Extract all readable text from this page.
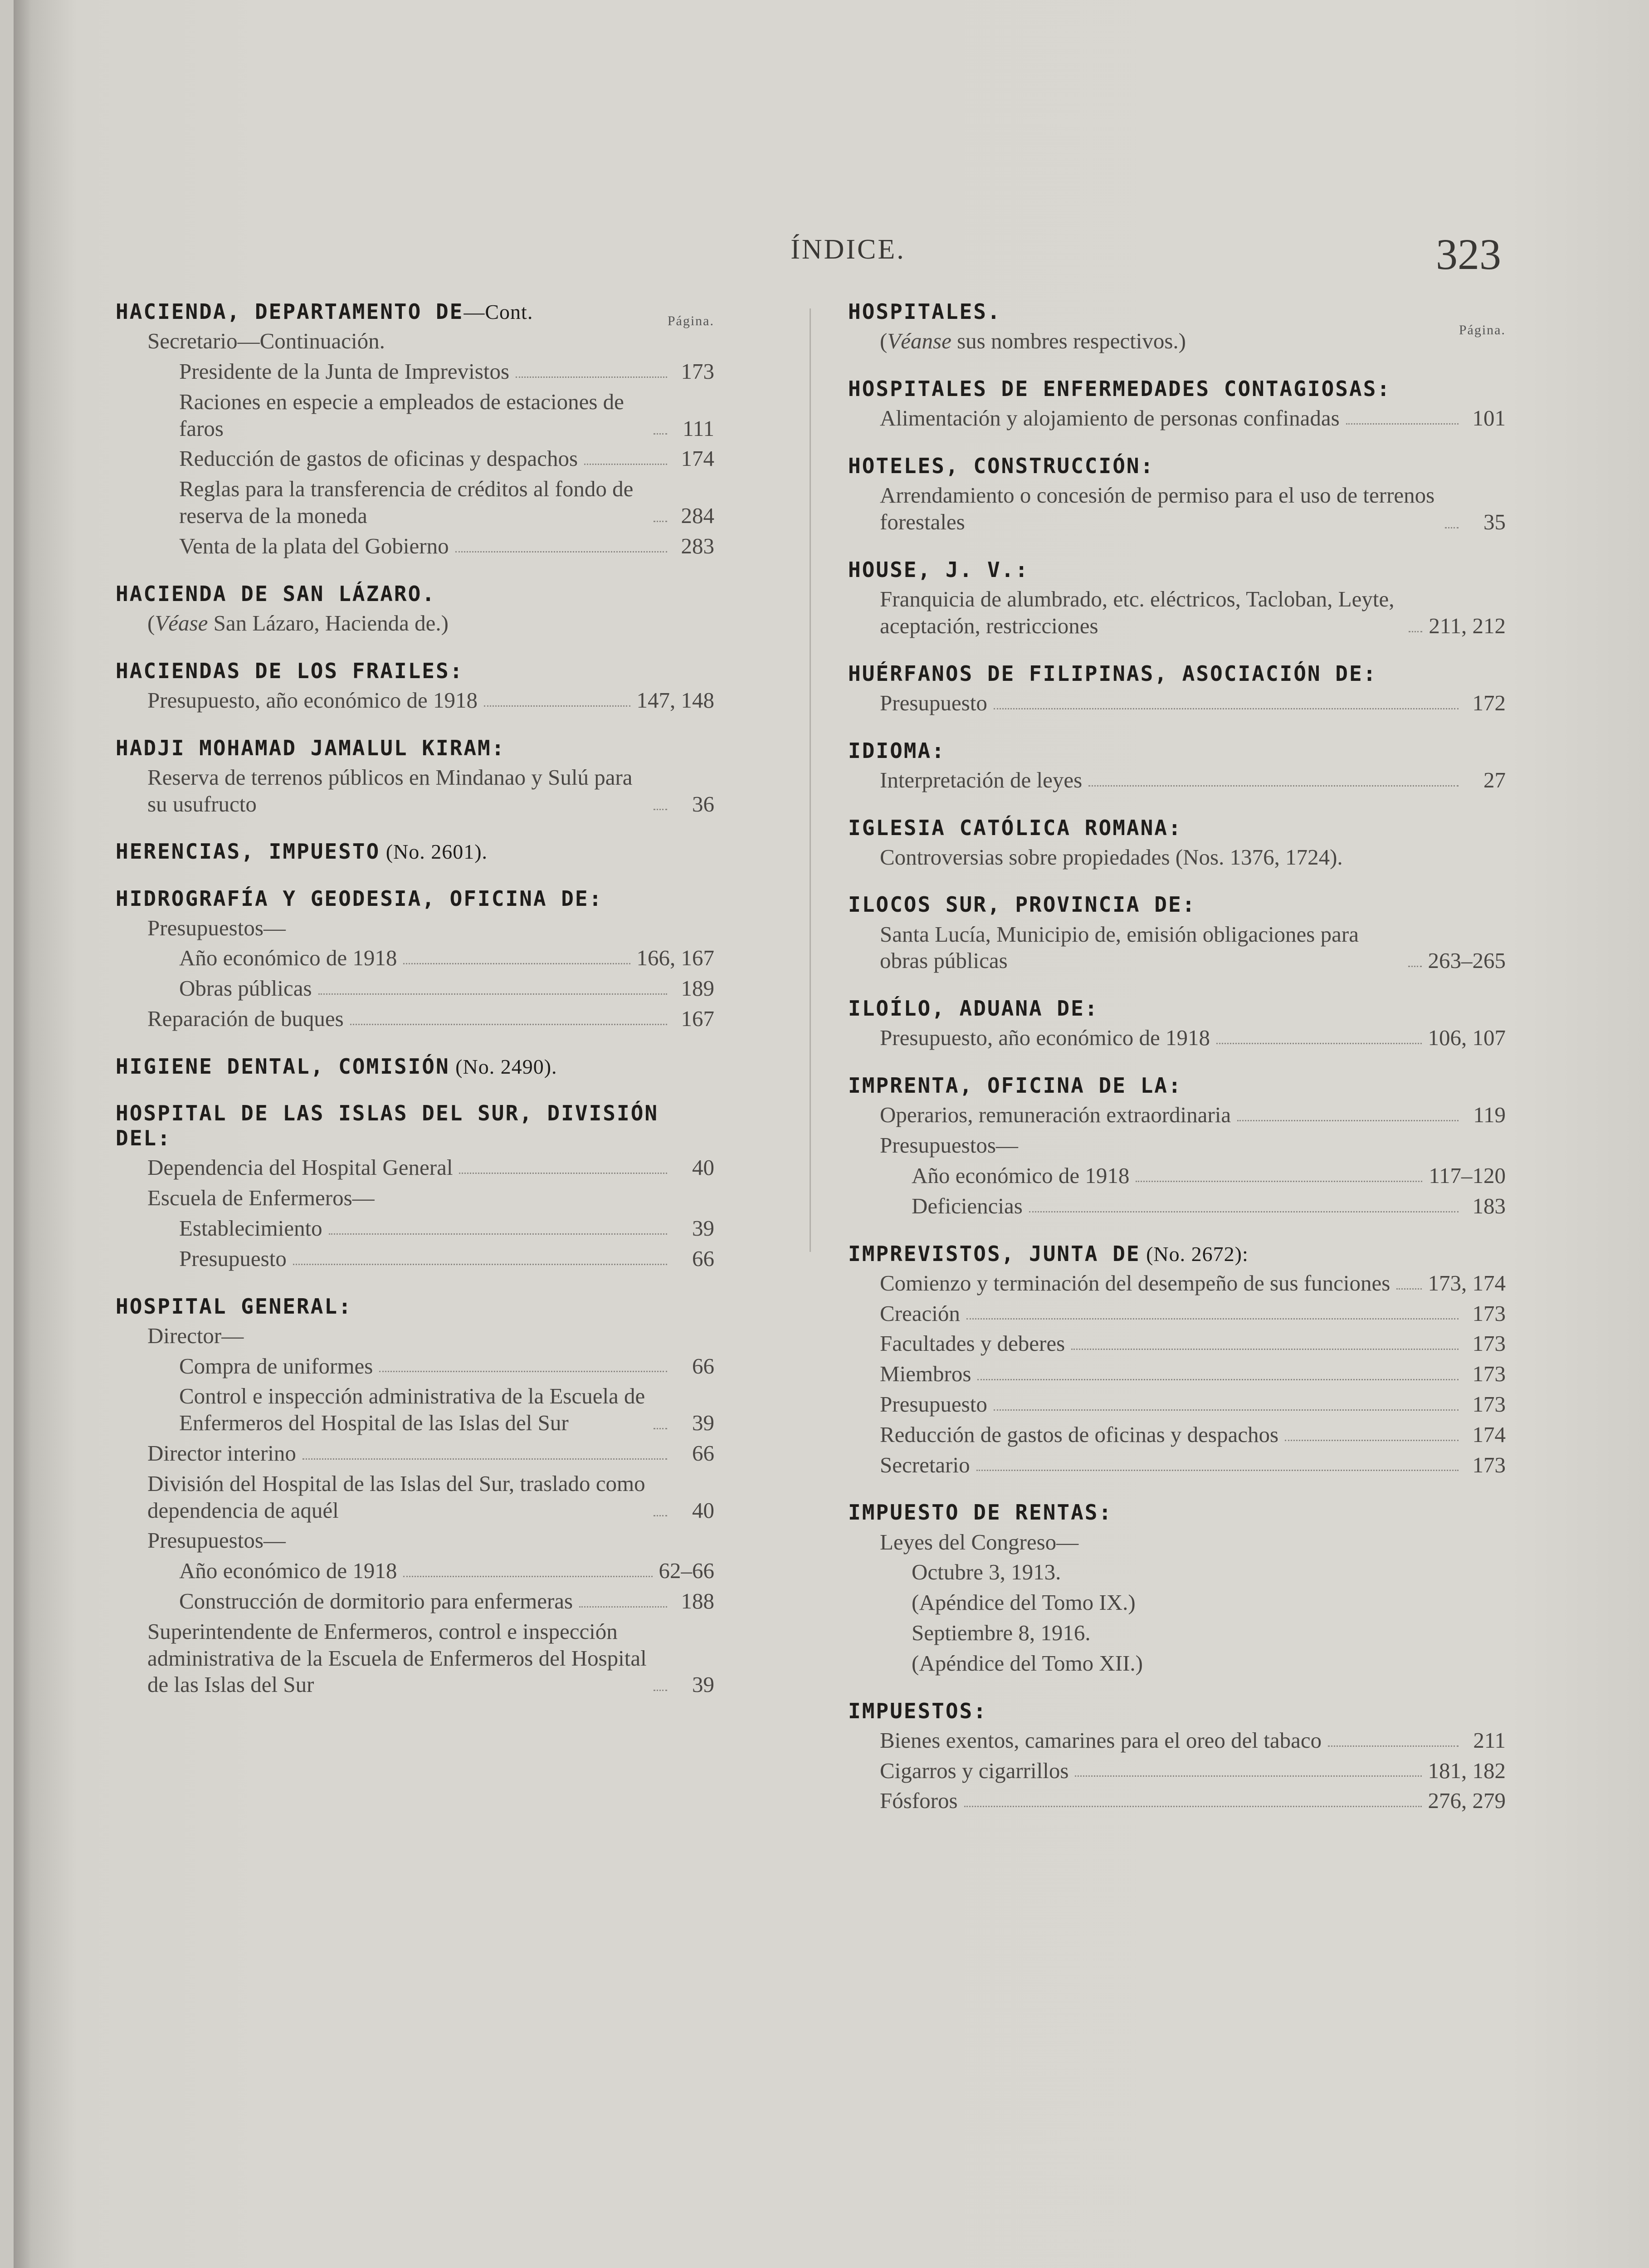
ÍNDICE.	323
Página.
HACIENDA, DEPARTAMENTO DE—Cont.
Secretario—Continuación.
Presidente de la Junta de Imprevistos	173
Raciones en especie a empleados de estaciones de faros	111
Reducción de gastos de oficinas y despachos	174
Reglas para la transferencia de créditos al fondo de reserva de la moneda	284
Venta de la plata del Gobierno	283
HACIENDA DE SAN LÁZARO.
(Véase San Lázaro, Hacienda de.)
HACIENDAS DE LOS FRAILES:
Presupuesto, año económico de 1918	147, 148
HADJI MOHAMAD JAMALUL KIRAM:
Reserva de terrenos públicos en Mindanao y Sulú para su usufructo	36
HERENCIAS, IMPUESTO (No. 2601).
HIDROGRAFÍA Y GEODESIA, OFICINA DE:
Presupuestos—
Año económico de 1918	166, 167
Obras públicas	189
Reparación de buques	167
HIGIENE DENTAL, COMISIÓN (No. 2490).
HOSPITAL DE LAS ISLAS DEL SUR, DIVISIÓN DEL:
Dependencia del Hospital General	40
Escuela de Enfermeros—
Establecimiento	39
Presupuesto	66
HOSPITAL GENERAL:
Director—
Compra de uniformes	66
Control e inspección administrativa de la Escuela de Enfermeros del Hospital de las Islas del Sur	39
Director interino	66
División del Hospital de las Islas del Sur, traslado como dependencia de aquél	40
Presupuestos—
Año económico de 1918	62–66
Construcción de dormitorio para enfermeras	188
Superintendente de Enfermeros, control e inspección administrativa de la Escuela de Enfermeros del Hospital de las Islas del Sur	39
Página.
HOSPITALES.
(Véanse sus nombres respectivos.)
HOSPITALES DE ENFERMEDADES CONTAGIOSAS:
Alimentación y alojamiento de personas confinadas	101
HOTELES, CONSTRUCCIÓN:
Arrendamiento o concesión de permiso para el uso de terrenos forestales	35
HOUSE, J. V.:
Franquicia de alumbrado, etc. eléctricos, Tacloban, Leyte, aceptación, restricciones	211, 212
HUÉRFANOS DE FILIPINAS, ASOCIACIÓN DE:
Presupuesto	172
IDIOMA:
Interpretación de leyes	27
IGLESIA CATÓLICA ROMANA:
Controversias sobre propiedades (Nos. 1376, 1724).
ILOCOS SUR, PROVINCIA DE:
Santa Lucía, Municipio de, emisión obligaciones para obras públicas	263–265
ILOÍLO, ADUANA DE:
Presupuesto, año económico de 1918	106, 107
IMPRENTA, OFICINA DE LA:
Operarios, remuneración extraordinaria	119
Presupuestos—
Año económico de 1918	117–120
Deficiencias	183
IMPREVISTOS, JUNTA DE (No. 2672):
Comienzo y terminación del desempeño de sus funciones 173, 174
Creación	173
Facultades y deberes	173
Miembros	173
Presupuesto	173
Reducción de gastos de oficinas y despachos	174
Secretario	173
IMPUESTO DE RENTAS:
Leyes del Congreso—
Octubre 3, 1913.
(Apéndice del Tomo IX.)
Septiembre 8, 1916.
(Apéndice del Tomo XII.)
IMPUESTOS:
Bienes exentos, camarines para el oreo del tabaco	211
Cigarros y cigarrillos	181, 182
Fósforos	276, 279
